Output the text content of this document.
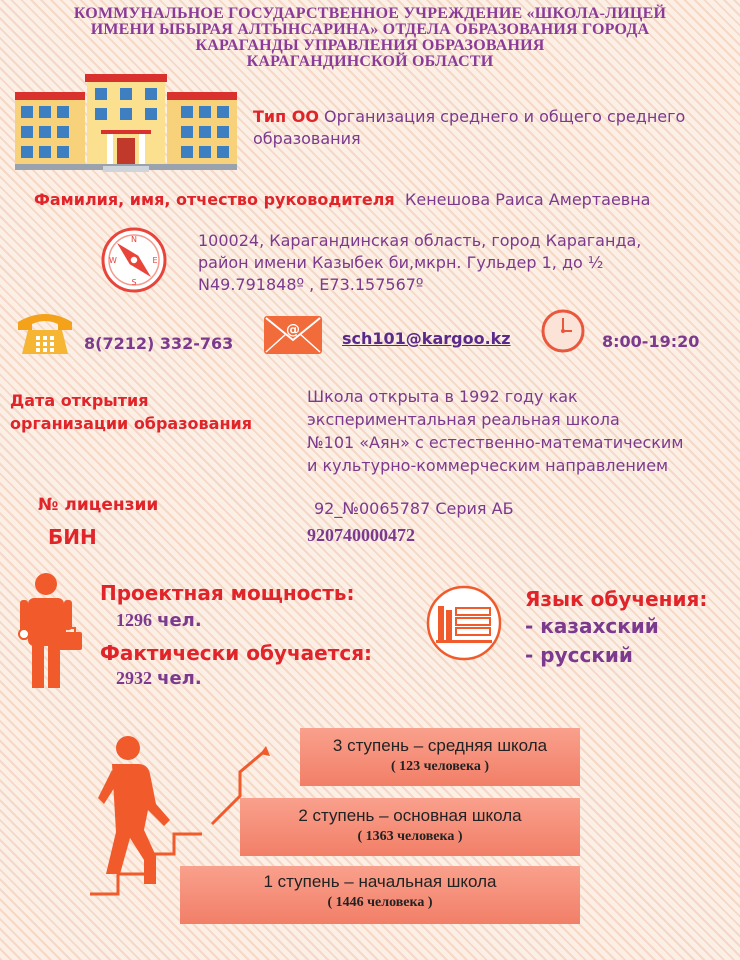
КОММУНАЛЬНОЕ ГОСУДАРСТВЕННОЕ УЧРЕЖДЕНИЕ «ШКОЛА-ЛИЦЕЙ
ИМЕНИ ЫБЫРАЯ АЛТЫНСАРИНА» ОТДЕЛА ОБРАЗОВАНИЯ ГОРОДА
КАРАГАНДЫ УПРАВЛЕНИЯ ОБРАЗОВАНИЯ
КАРАГАНДИНСКОЙ ОБЛАСТИ
Тип ОО Организация среднего и общего среднего
образования
Фамилия, имя, отчество руководителя Кенешова Раиса Амертаевна
N
S
W	E
100024, Карагандинская область, город Караганда,
район имени Казыбек би,мкрн. Гульдер 1, до ½
N49.791848º , E73.157567º
8(7212) 332-763
@	sch101@kargoo.kz	8:00-19:20
Дата открытия
организации образования
Школа открыта в 1992 году как
экспериментальная реальная школа
№101 «Аян» с естественно-математическим
и культурно-коммерческим направлением
№ лицензии	92_№0065787 Серия АБ
БИН	920740000472
Проектная мощность:
1296 чел.
Фактически обучается:
2932 чел.
Язык обучения:
- казахский
- русский
3 ступень – средняя школа
( 123 человека )
2 ступень – основная школа
( 1363 человека )
1 ступень – начальная школа
( 1446 человека )
